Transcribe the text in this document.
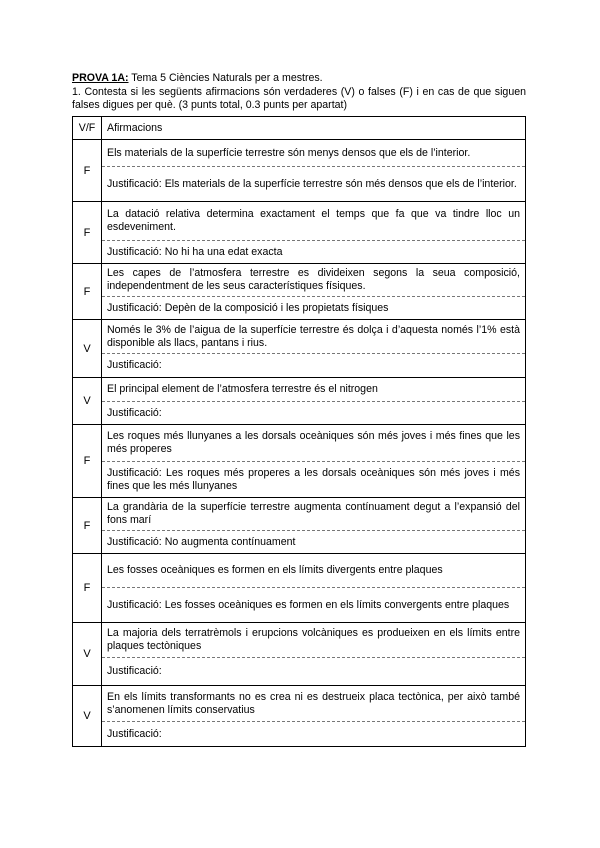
PROVA 1A: Tema 5 Ciències Naturals per a mestres.
1. Contesta si les següents afirmacions són verdaderes (V) o falses (F) i en cas de que siguen falses digues per què. (3 punts total, 0.3 punts per apartat)
V/F	Afirmacions
F	Els materials de la superfície terrestre són menys densos que els de l’interior.
Justificació: Els materials de la superfície terrestre són més densos que els de l’interior.

F	La datació relativa determina exactament el temps que fa que va tindre lloc un esdeveniment.
Justificació: No hi ha una edat exacta

F	Les capes de l’atmosfera terrestre es divideixen segons la seua composició, independentment de les seus característiques físiques.
Justificació: Depèn de la composició i les propietats físiques

V	Només le 3% de l’aigua de la superfície terrestre és dolça i d’aquesta només l’1% està disponible als llacs, pantans i rius.
Justificació:

V	El principal element de l’atmosfera terrestre és el nitrogen
Justificació:

F	Les roques més llunyanes a les dorsals oceàniques són més joves i més fines que les més properes
Justificació: Les roques més properes a les dorsals oceàniques són més joves i més fines que les més llunyanes

F	La grandària de la superfície terrestre augmenta contínuament degut a l’expansió del fons marí
Justificació: No augmenta contínuament

F	Les fosses oceàniques es formen en els límits divergents entre plaques
Justificació: Les fosses oceàniques es formen en els límits convergents entre plaques

V	La majoria dels terratrèmols i erupcions volcàniques es produeixen en els límits entre plaques tectòniques
Justificació:

V	En els límits transformants no es crea ni es destrueix placa tectònica, per això també s’anomenen límits conservatius
Justificació:
